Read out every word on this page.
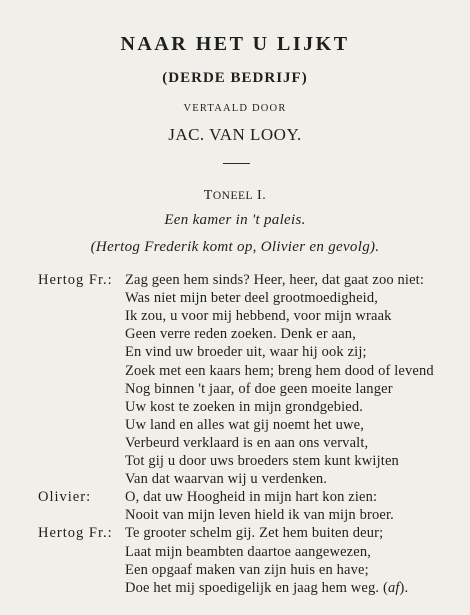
NAAR HET U LIJKT
(DERDE BEDRIJF)
VERTAALD DOOR
JAC. VAN LOOY.
TONEEL I.
Een kamer in 't paleis.
(Hertog Frederik komt op, Olivier en gevolg).
Hertog Fr.: Zag geen hem sinds? Heer, heer, dat gaat zoo niet:
Was niet mijn beter deel grootmoedigheid,
Ik zou, u voor mij hebbend, voor mijn wraak
Geen verre reden zoeken. Denk er aan,
En vind uw broeder uit, waar hij ook zij;
Zoek met een kaars hem; breng hem dood of levend
Nog binnen 't jaar, of doe geen moeite langer
Uw kost te zoeken in mijn grondgebied.
Uw land en alles wat gij noemt het uwe,
Verbeurd verklaard is en aan ons vervalt,
Tot gij u door uws broeders stem kunt kwijten
Van dat waarvan wij u verdenken.
Olivier: O, dat uw Hoogheid in mijn hart kon zien:
Nooit van mijn leven hield ik van mijn broer.
Hertog Fr.: Te grooter schelm gij. Zet hem buiten deur;
Laat mijn beambten daartoe aangewezen,
Een opgaaf maken van zijn huis en have;
Doe het mij spoedigelijk en jaag hem weg. (af).
